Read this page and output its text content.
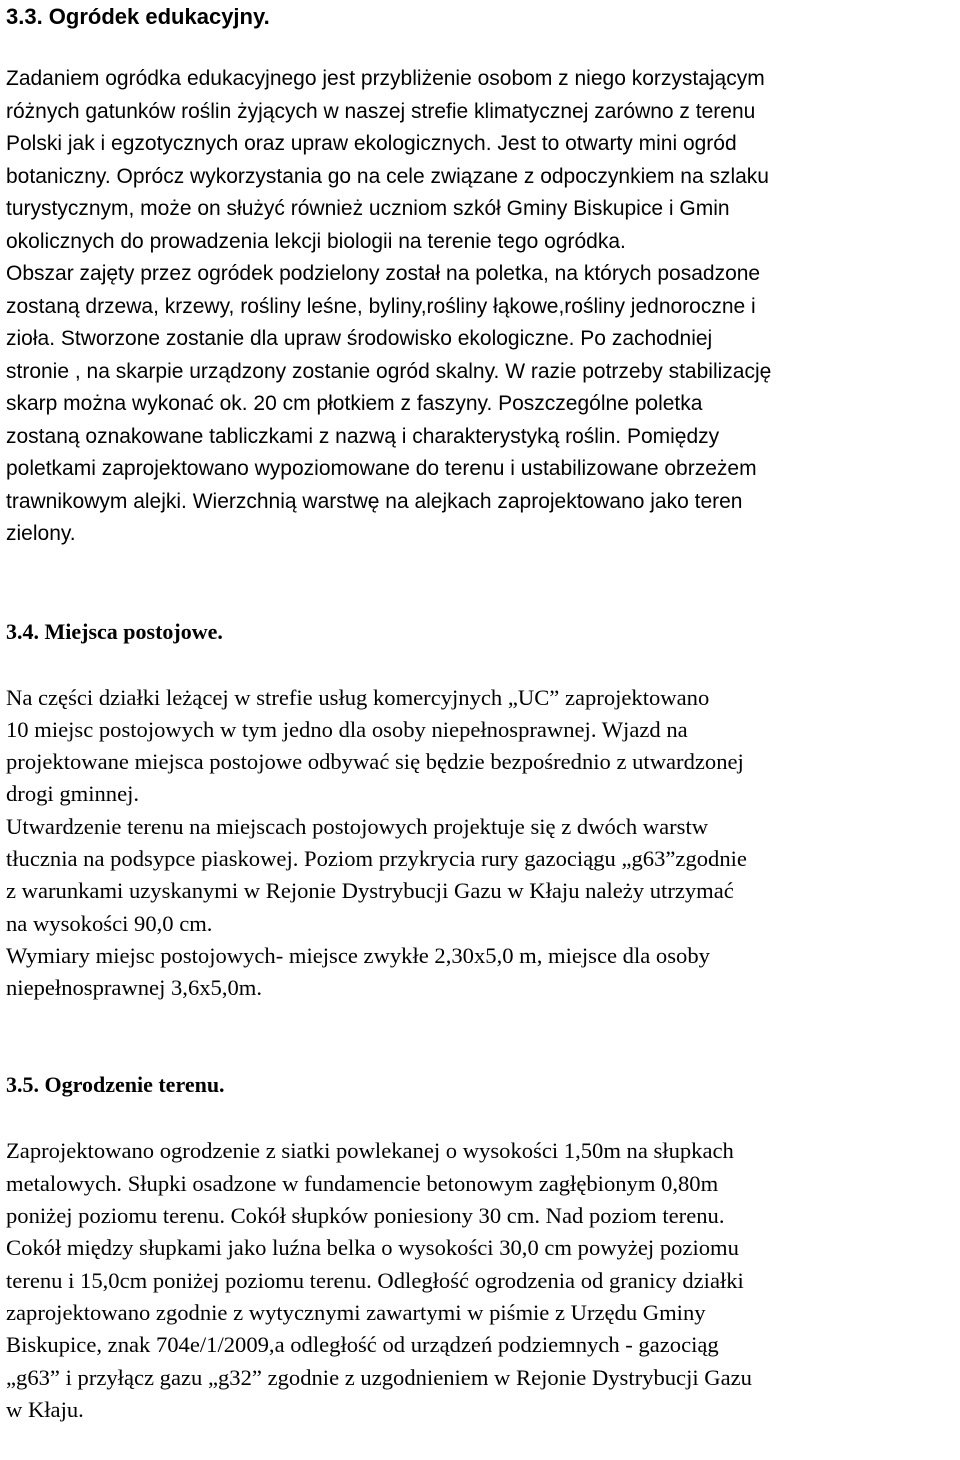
3.3. Ogródek edukacyjny.

Zadaniem ogródka edukacyjnego jest przybliżenie osobom z niego korzystającym
różnych gatunków roślin żyjących w naszej strefie klimatycznej zarówno z terenu
Polski jak i egzotycznych oraz upraw ekologicznych. Jest to otwarty mini ogród
botaniczny. Oprócz wykorzystania go na cele związane z odpoczynkiem na szlaku
turystycznym, może on służyć również uczniom szkół Gminy Biskupice i Gmin
okolicznych do prowadzenia lekcji biologii na terenie tego ogródka.
Obszar zajęty przez ogródek podzielony został na poletka, na których posadzone
zostaną drzewa, krzewy, rośliny leśne, byliny,rośliny łąkowe,rośliny jednoroczne i
zioła. Stworzone zostanie dla upraw środowisko ekologiczne. Po zachodniej
stronie , na skarpie urządzony zostanie ogród skalny. W razie potrzeby stabilizację
skarp można wykonać ok. 20 cm płotkiem z faszyny. Poszczególne poletka
zostaną oznakowane tabliczkami z nazwą i charakterystyką roślin. Pomiędzy
poletkami zaprojektowano wypoziomowane do terenu i ustabilizowane obrzeżem
trawnikowym alejki. Wierzchnią warstwę na alejkach zaprojektowano jako teren
zielony.

3.4. Miejsca postojowe.

Na części działki leżącej w strefie usług komercyjnych „UC” zaprojektowano
10 miejsc postojowych w tym jedno dla osoby niepełnosprawnej. Wjazd na
projektowane miejsca postojowe odbywać się będzie bezpośrednio z utwardzonej
drogi gminnej.
Utwardzenie terenu na miejscach postojowych projektuje się z dwóch warstw
tłucznia na podsypce piaskowej. Poziom przykrycia rury gazociągu „g63”zgodnie
z warunkami uzyskanymi w Rejonie Dystrybucji Gazu w Kłaju należy utrzymać
na wysokości 90,0 cm.
Wymiary miejsc postojowych- miejsce zwykłe 2,30x5,0 m, miejsce dla osoby
niepełnosprawnej 3,6x5,0m.

3.5. Ogrodzenie terenu.

Zaprojektowano ogrodzenie z siatki powlekanej o wysokości 1,50m na słupkach
metalowych. Słupki osadzone w fundamencie betonowym zagłębionym 0,80m
poniżej poziomu terenu. Cokół słupków poniesiony 30 cm. Nad poziom terenu.
Cokół między słupkami jako luźna belka o wysokości 30,0 cm powyżej poziomu
terenu i 15,0cm poniżej poziomu terenu. Odległość ogrodzenia od granicy działki
zaprojektowano zgodnie z wytycznymi zawartymi w piśmie z Urzędu Gminy
Biskupice, znak 704e/1/2009,a odległość od urządzeń podziemnych - gazociąg
„g63” i przyłącz gazu „g32” zgodnie z uzgodnieniem w Rejonie Dystrybucji Gazu
w Kłaju.
